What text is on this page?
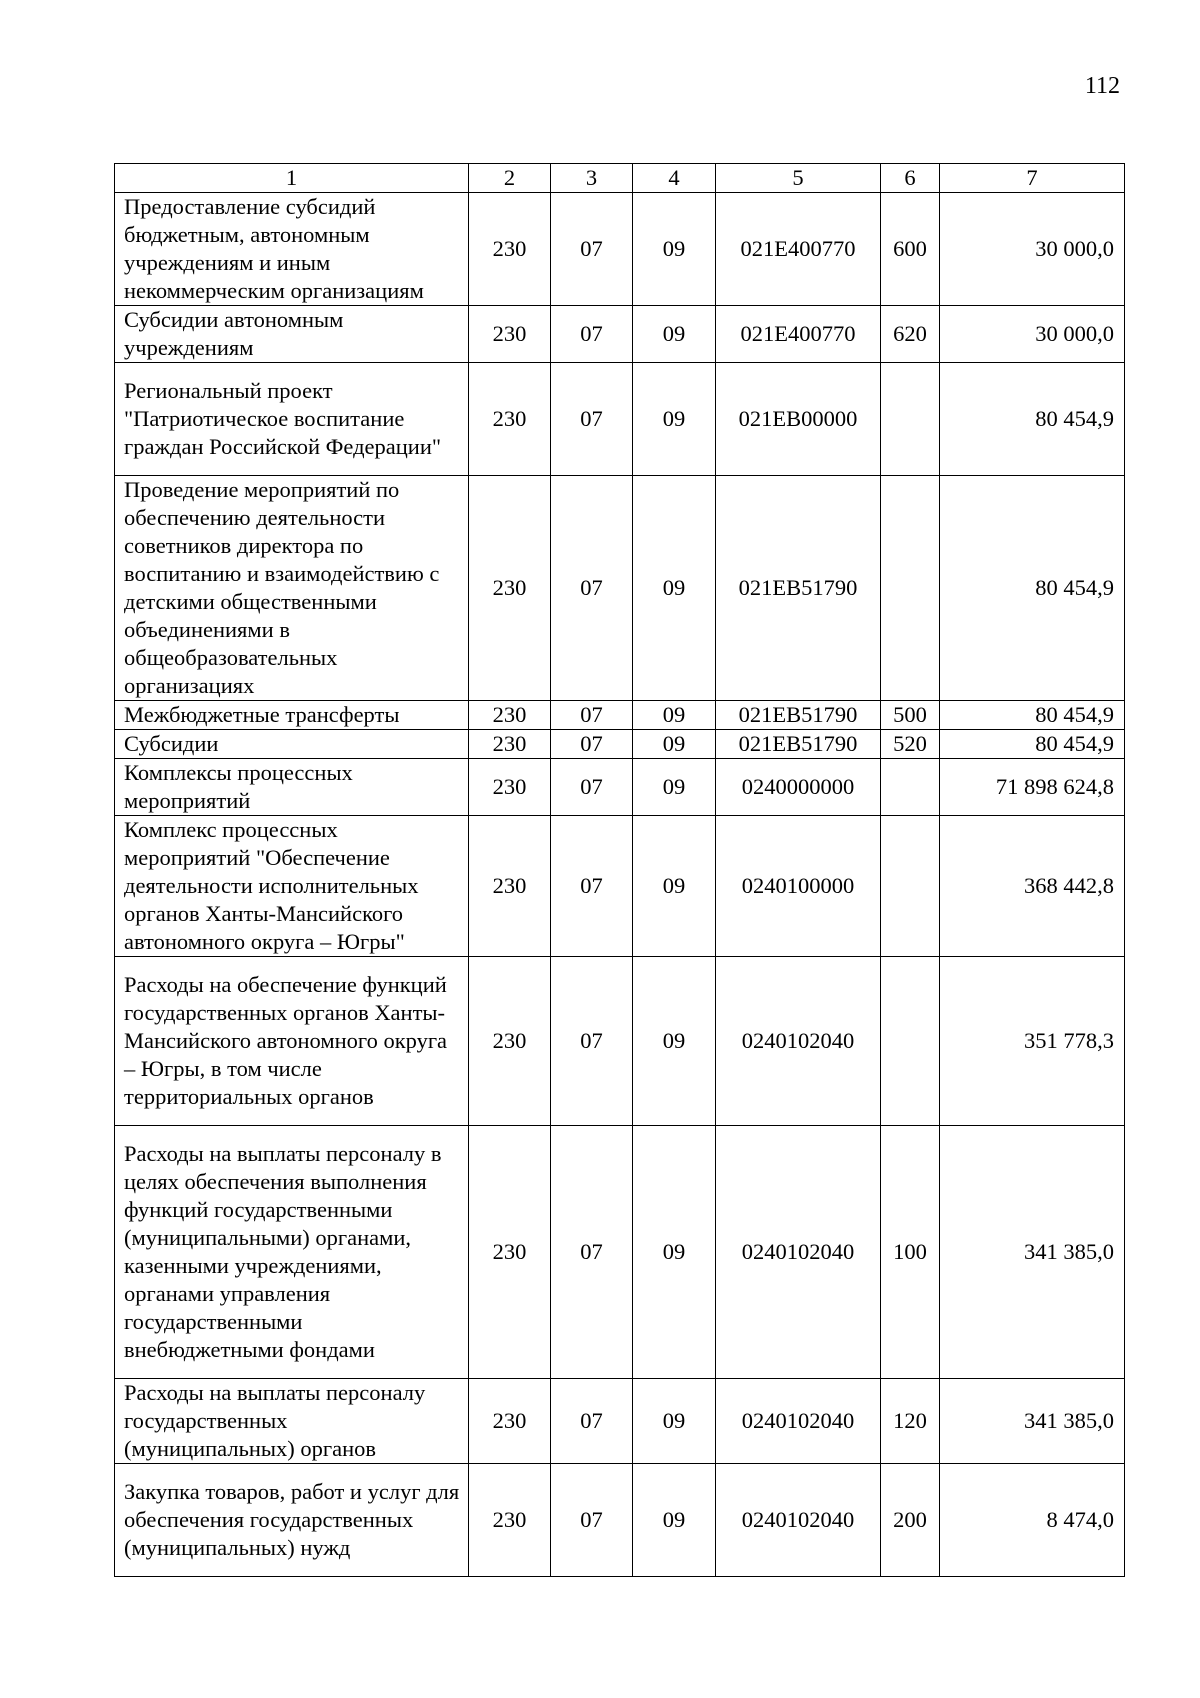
112
1	2	3	4	5	6	7
Предоставление субсидий бюджетным, автономным учреждениям и иным некоммерческим организациям	230	07	09	021E400770	600	30 000,0
Субсидии автономным учреждениям	230	07	09	021E400770	620	30 000,0
Региональный проект "Патриотическое воспитание граждан Российской Федерации"	230	07	09	021EB00000		80 454,9
Проведение мероприятий по обеспечению деятельности советников директора по воспитанию и взаимодействию с детскими общественными объединениями в общеобразовательных организациях	230	07	09	021EB51790		80 454,9
Межбюджетные трансферты	230	07	09	021EB51790	500	80 454,9
Субсидии	230	07	09	021EB51790	520	80 454,9
Комплексы процессных мероприятий	230	07	09	0240000000		71 898 624,8
Комплекс процессных мероприятий "Обеспечение деятельности исполнительных органов Ханты-Мансийского автономного округа – Югры"	230	07	09	0240100000		368 442,8
Расходы на обеспечение функций государственных органов Ханты-Мансийского автономного округа – Югры, в том числе территориальных органов	230	07	09	0240102040		351 778,3
Расходы на выплаты персоналу в целях обеспечения выполнения функций государственными (муниципальными) органами, казенными учреждениями, органами управления государственными внебюджетными фондами	230	07	09	0240102040	100	341 385,0
Расходы на выплаты персоналу государственных (муниципальных) органов	230	07	09	0240102040	120	341 385,0
Закупка товаров, работ и услуг для обеспечения государственных (муниципальных) нужд	230	07	09	0240102040	200	8 474,0
